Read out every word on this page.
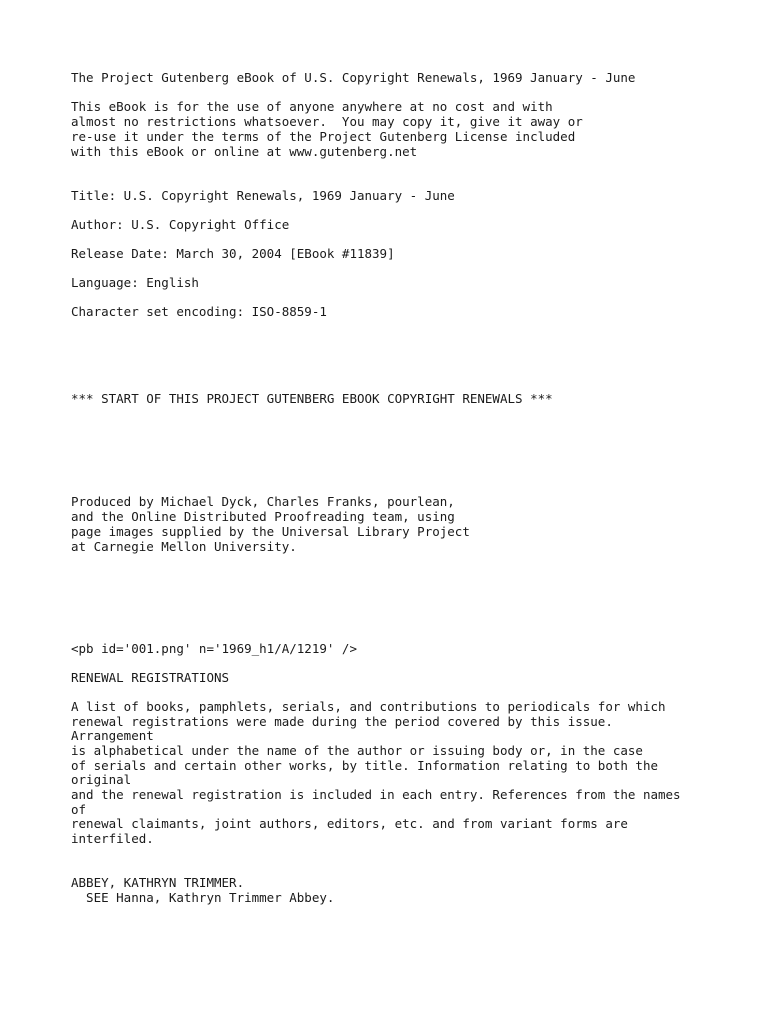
The Project Gutenberg eBook of U.S. Copyright Renewals, 1969 January - June

This eBook is for the use of anyone anywhere at no cost and with

almost no restrictions whatsoever.  You may copy it, give it away or

re-use it under the terms of the Project Gutenberg License included

with this eBook or online at www.gutenberg.net

Title: U.S. Copyright Renewals, 1969 January - June

Author: U.S. Copyright Office

Release Date: March 30, 2004 [EBook #11839]

Language: English

Character set encoding: ISO-8859-1

*** START OF THIS PROJECT GUTENBERG EBOOK COPYRIGHT RENEWALS ***

Produced by Michael Dyck, Charles Franks, pourlean,

and the Online Distributed Proofreading team, using

page images supplied by the Universal Library Project

at Carnegie Mellon University.

<pb id='001.png' n='1969_h1/A/1219' />

RENEWAL REGISTRATIONS

A list of books, pamphlets, serials, and contributions to periodicals for which

renewal registrations were made during the period covered by this issue.

Arrangement

is alphabetical under the name of the author or issuing body or, in the case

of serials and certain other works, by title. Information relating to both the

original

and the renewal registration is included in each entry. References from the names

of

renewal claimants, joint authors, editors, etc. and from variant forms are

interfiled.

ABBEY, KATHRYN TRIMMER.

SEE Hanna, Kathryn Trimmer Abbey.
